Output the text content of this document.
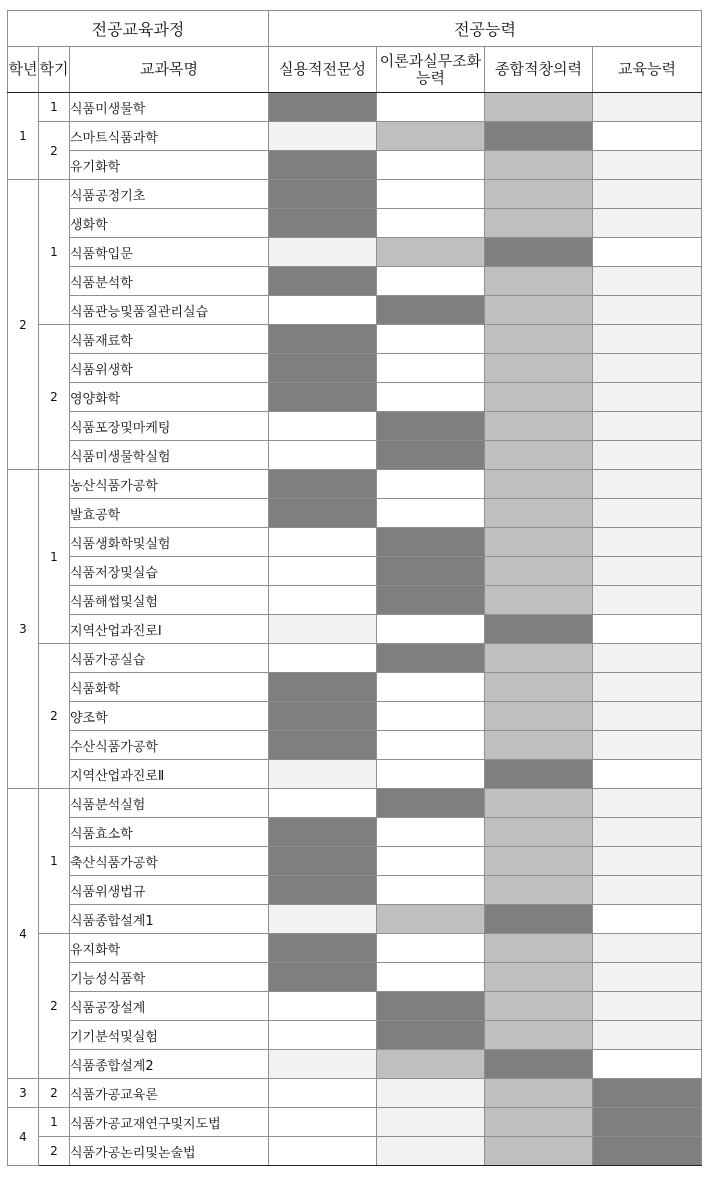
전공교육과정			전공능력			
학년	학기	교과목명	실용적전문성	이론과실무조화능력	종합적창의력	교육능력
1	1	식품미생물학				
	2	스마트식품과학				
		유기화학				
2	1	식품공정기초				
		생화학				
		식품학입문				
		식품분석학				
		식품관능및품질관리실습				
	2	식품재료학				
		식품위생학				
		영양화학				
		식품포장및마케팅				
		식품미생물학실험				
3	1	농산식품가공학				
		발효공학				
		식품생화학및실험				
		식품저장및실습				
		식품해썹및실험				
		지역산업과진로Ⅰ				
	2	식품가공실습				
		식품화학				
		양조학				
		수산식품가공학				
		지역산업과진로Ⅱ				
4	1	식품분석실험				
		식품효소학				
		축산식품가공학				
		식품위생법규				
		식품종합설계1				
	2	유지화학				
		기능성식품학				
		식품공장설계				
		기기분석및실험				
		식품종합설계2				
3	2	식품가공교육론				
4	1	식품가공교재연구및지도법				
	2	식품가공논리및논술법				
